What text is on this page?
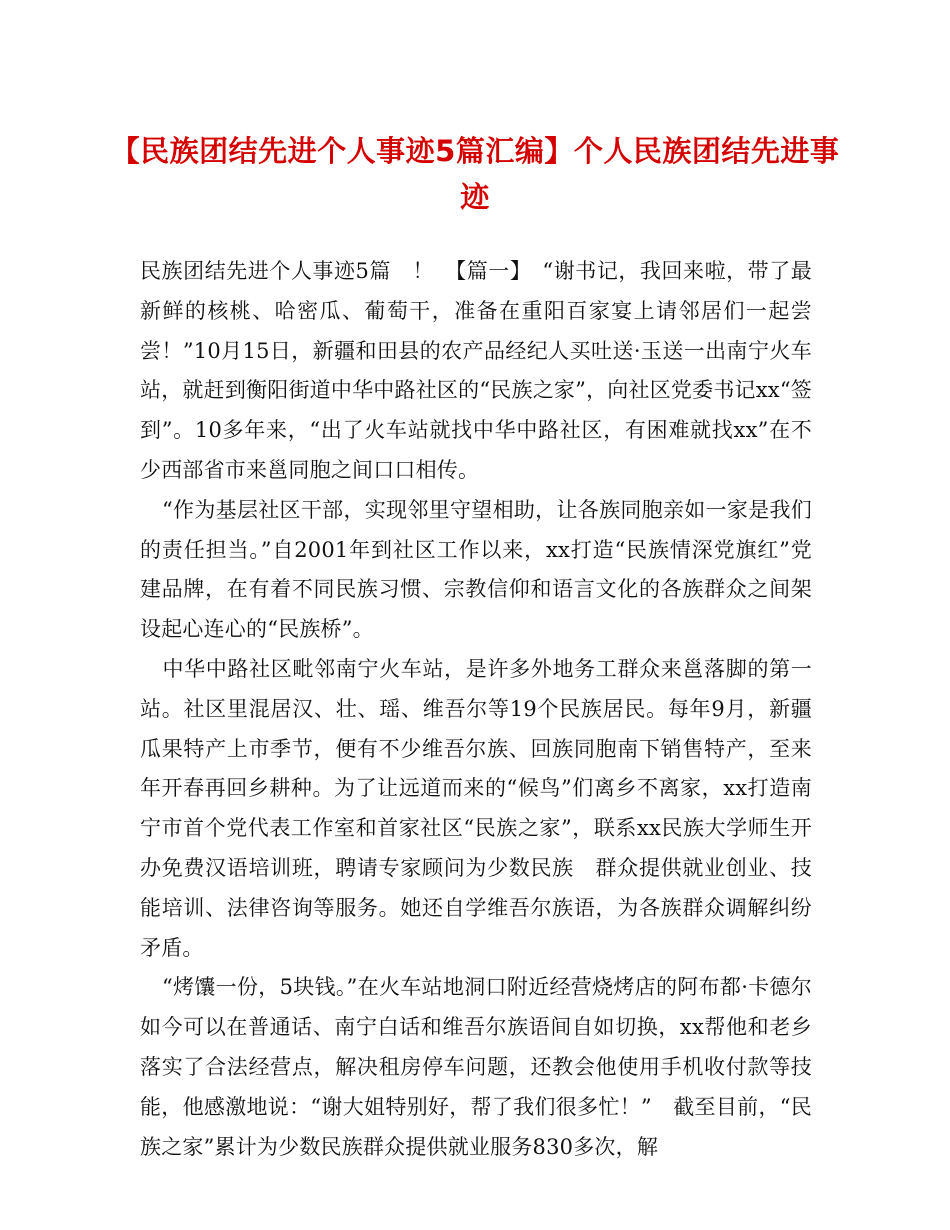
【民族团结先进个人事迹5篇汇编】个人民族团结先进事迹

民族团结先进个人事迹5篇　！　【篇一】　“谢书记，我回来啦，带了最新鲜的核桃、哈密瓜、葡萄干，准备在重阳百家宴上请邻居们一起尝尝！”10月15日，新疆和田县的农产品经纪人买吐送·玉送一出南宁火车站，就赶到衡阳街道中华中路社区的“民族之家”，向社区党委书记xx“签到”。10多年来，“出了火车站就找中华中路社区，有困难就找xx”在不少西部省市来邕同胞之间口口相传。

“作为基层社区干部，实现邻里守望相助，让各族同胞亲如一家是我们的责任担当。”自2001年到社区工作以来，xx打造“民族情深党旗红”党建品牌，在有着不同民族习惯、宗教信仰和语言文化的各族群众之间架设起心连心的“民族桥”。

中华中路社区毗邻南宁火车站，是许多外地务工群众来邕落脚的第一站。社区里混居汉、壮、瑶、维吾尔等19个民族居民。每年9月，新疆瓜果特产上市季节，便有不少维吾尔族、回族同胞南下销售特产，至来年开春再回乡耕种。为了让远道而来的“候鸟”们离乡不离家，xx打造南宁市首个党代表工作室和首家社区“民族之家”，联系xx民族大学师生开办免费汉语培训班，聘请专家顾问为少数民族　群众提供就业创业、技能培训、法律咨询等服务。她还自学维吾尔族语，为各族群众调解纠纷矛盾。

“烤馕一份，5块钱。”在火车站地洞口附近经营烧烤店的阿布都·卡德尔如今可以在普通话、南宁白话和维吾尔族语间自如切换，xx帮他和老乡落实了合法经营点，解决租房停车问题，还教会他使用手机收付款等技能，他感激地说：“谢大姐特别好，帮了我们很多忙！”　截至目前，“民族之家”累计为少数民族群众提供就业服务830多次，解
